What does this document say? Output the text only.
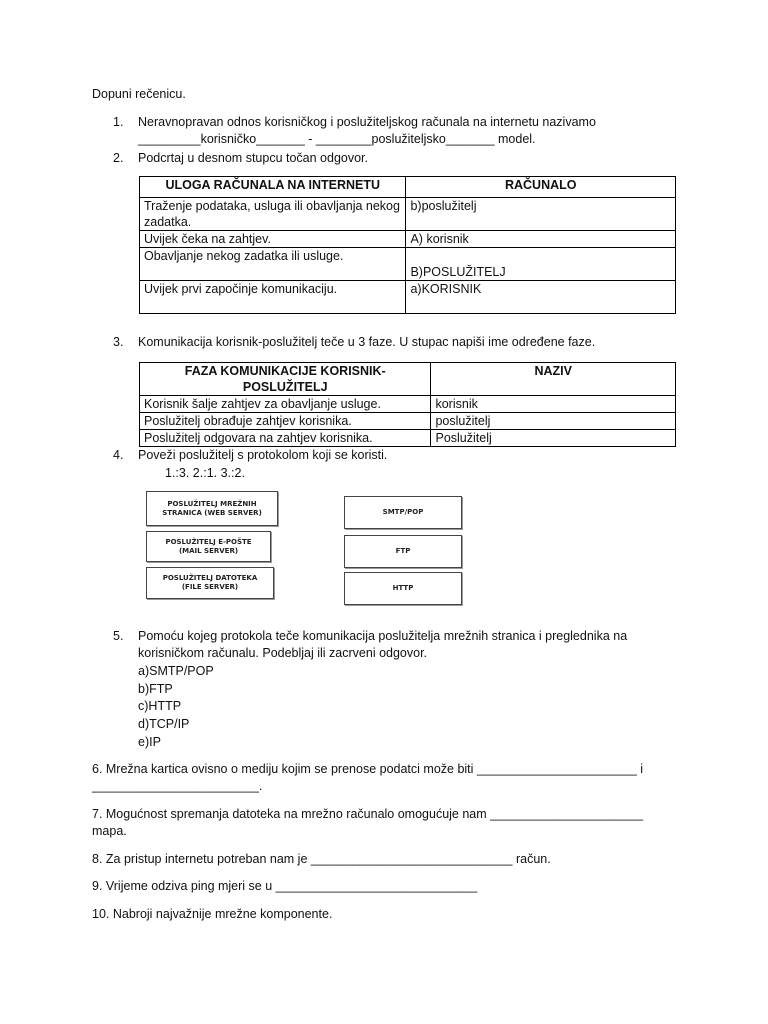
Dopuni rečenicu.
1. Neravnopravan odnos korisničkog i poslužiteljskog računala na internetu nazivamo
_________korisničko_______ - ________poslužiteljsko_______ model.
2. Podcrtaj u desnom stupcu točan odgovor.
ULOGA RAČUNALA NA INTERNETU	RAČUNALO
Traženje podataka, usluga ili obavljanja nekog zadatka.	b)poslužitelj
Uvijek čeka na zahtjev.	A) korisnik
Obavljanje nekog zadatka ili usluge.	B)POSLUŽITELJ
Uvijek prvi započinje komunikaciju.	a)KORISNIK
3. Komunikacija korisnik-poslužitelj teče u 3 faze. U stupac napiši ime određene faze.
FAZA KOMUNIKACIJE KORISNIK-POSLUŽITELJ	NAZIV
Korisnik šalje zahtjev za obavljanje usluge.	korisnik
Poslužitelj obrađuje zahtjev korisnika.	poslužitelj
Poslužitelj odgovara na zahtjev korisnika.	Poslužitelj
4. Poveži poslužitelj s protokolom koji se koristi.
1.:3. 2.:1. 3.:2.
POSLUŽITELJ MREŽNIH
STRANICA (WEB SERVER)
POSLUŽITELJ E-POŠTE
(MAIL SERVER)
POSLUŽITELJ DATOTEKA
(FILE SERVER)
SMTP/POP
FTP
HTTP
5. Pomoću kojeg protokola teče komunikacija poslužitelja mrežnih stranica i preglednika na
korisničkom računalu. Podebljaj ili zacrveni odgovor.
a)SMTP/POP
b)FTP
c)HTTP
d)TCP/IP
e)IP
6. Mrežna kartica ovisno o mediju kojim se prenose podatci može biti _______________________ i
________________________.
7. Mogućnost spremanja datoteka na mrežno računalo omogućuje nam ______________________
mapa.
8. Za pristup internetu potreban nam je _____________________________ račun.
9. Vrijeme odziva ping mjeri se u _____________________________
10. Nabroji najvažnije mrežne komponente.
